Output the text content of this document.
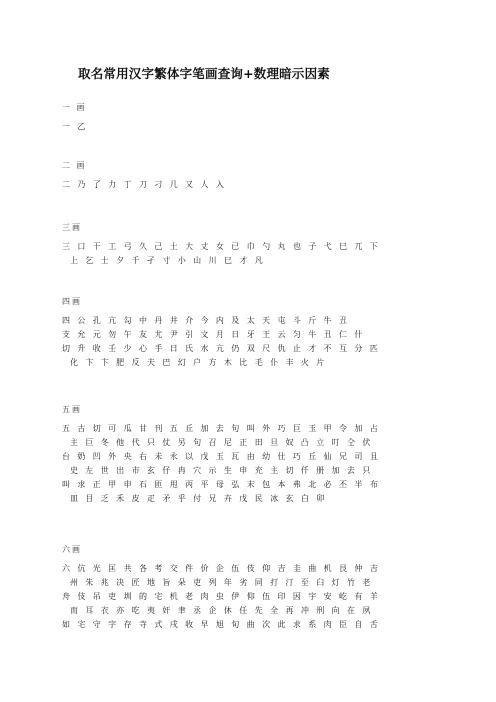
取名常用汉字繁体字笔画查询+数理暗示因素
一 画
一 乙
二 画
二 乃 了 力 丁 刀 刁 几 又 人 入
三画
三 口 干 工 弓 久 己 土 大 丈 女 已 巾 勺 丸 也 子 弋 巳 兀 下
上 乞 士 夕 千 孑 寸 小 山 川 巳 才 凡
四画
四 公 孔 亢 勾 中 丹 井 介 今 内 及 太 天 屯 斗 斤 牛 丑
支 允 元 勿 午 友 尤 尹 引 文 月 日 牙 王 云 匀 牛 丑 仁 什
切 升 收 壬 少 心 手 日 氏 水 亢 仍 双 尺 仇 止 才 不 互 分 匹
化 卞 卞 肥 反 夫 巴 幻 户 方 木 比 毛 仆 丰 火 片
五画
五 古 切 可 瓜 甘 刊 五 丘 加 去 句 叫 外 巧 巨 玉 甲 令 加 占
主 巨 冬 他 代 只 仗 另 句 召 尼 正 田 旦 奴 凸 立 叮 仝 伏
台 奶 凹 外 央 右 未 永 以 戊 玉 瓦 由 幼 仕 巧 丘 仙 兄 司 且
史 左 世 出 市 玄 仔 冉 穴 示 生 申 充 主 切 仟 册 加 去 只
叫 求 正 甲 申 石 匝 甩 丙 平 母 弘 末 包 本 弗 北 必 丕 半 布
皿 目 乏 禾 皮 疋 矛 乎 付 兄 卉 戊 民 冰 玄 白 卯
六画
六 伉 光 匡 共 各 考 交 件 价 企 伍 伎 仰 吉 圭 曲 机 艮 仲 吉
州 朱 兆 决 匠 地 旨 朵 吏 列 年 劣 同 打 汀 至 臼 灯 竹 老
舟 伎 吊 吏 圳 的 宅 机 老 肉 虫 伊 仰 伍 印 因 宇 安 屹 有 羊
而 耳 衣 亦 吃 夷 奸 聿 丞 企 休 任 先 全 再 冲 刑 向 在 夙
如 宅 守 字 存 寺 式 戌 收 早 旭 旬 曲 次 此 求 系 肉 臣 自 舌
